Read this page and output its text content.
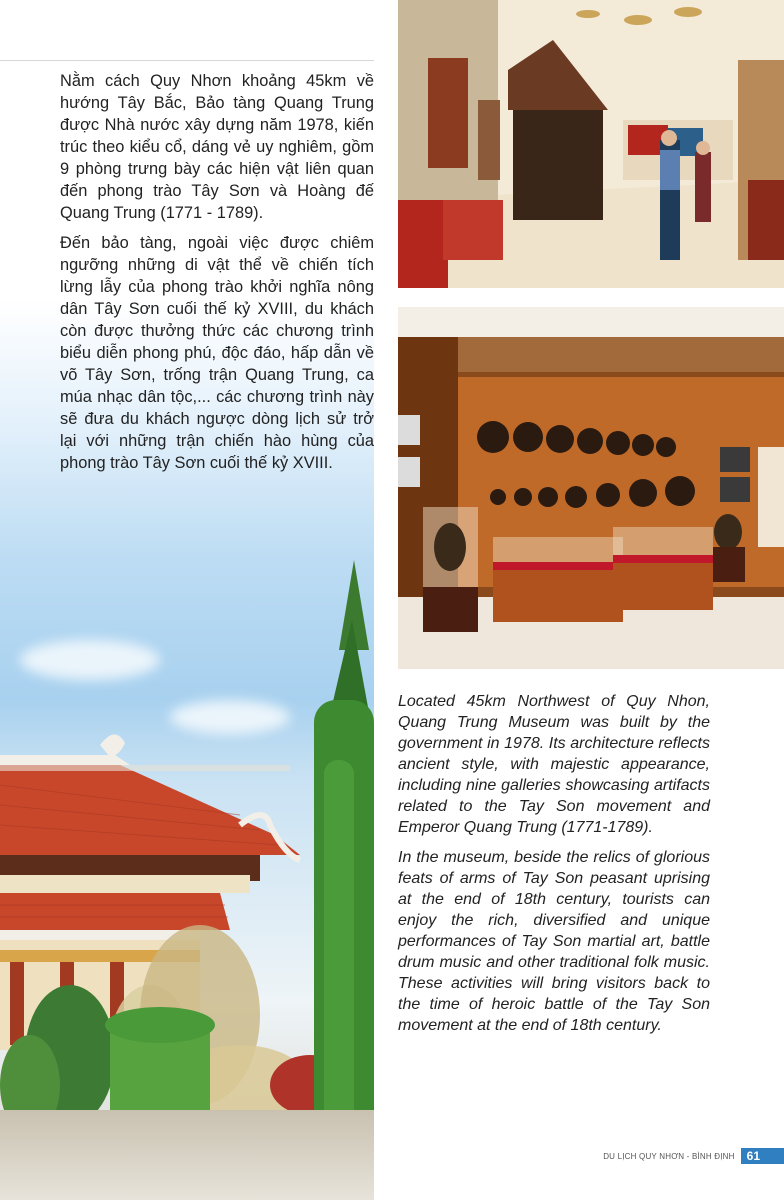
Nằm cách Quy Nhơn khoảng 45km về hướng Tây Bắc, Bảo tàng Quang Trung được Nhà nước xây dựng năm 1978, kiến trúc theo kiểu cổ, dáng vẻ uy nghiêm, gồm 9 phòng trưng bày các hiện vật liên quan đến phong trào Tây Sơn và Hoàng đế Quang Trung (1771 - 1789).

Đến bảo tàng, ngoài việc được chiêm ngưỡng những di vật thể về chiến tích lừng lẫy của phong trào khởi nghĩa nông dân Tây Sơn cuối thế kỷ XVIII, du khách còn được thưởng thức các chương trình biểu diễn phong phú, độc đáo, hấp dẫn về võ Tây Sơn, trống trận Quang Trung, ca múa nhạc dân tộc,... các chương trình này sẽ đưa du khách ngược dòng lịch sử trở lại với những trận chiến hào hùng của phong trào Tây Sơn cuối thế kỷ XVIII.

Located 45km Northwest of Quy Nhon, Quang Trung Museum was built by the government in 1978. Its architecture reflects ancient style, with majestic appearance, including nine galleries showcasing artifacts related to the Tay Son movement and Emperor Quang Trung (1771-1789).

In the museum, beside the relics of glorious feats of arms of Tay Son peasant uprising at the end of 18th century, tourists can enjoy the rich, diversified and unique performances of Tay Son martial art, battle drum music and other traditional folk music. These activities will bring visitors back to the time of heroic battle of the Tay Son movement at the end of 18th century.

DU LỊCH QUY NHƠN - BÌNH ĐỊNH	61
